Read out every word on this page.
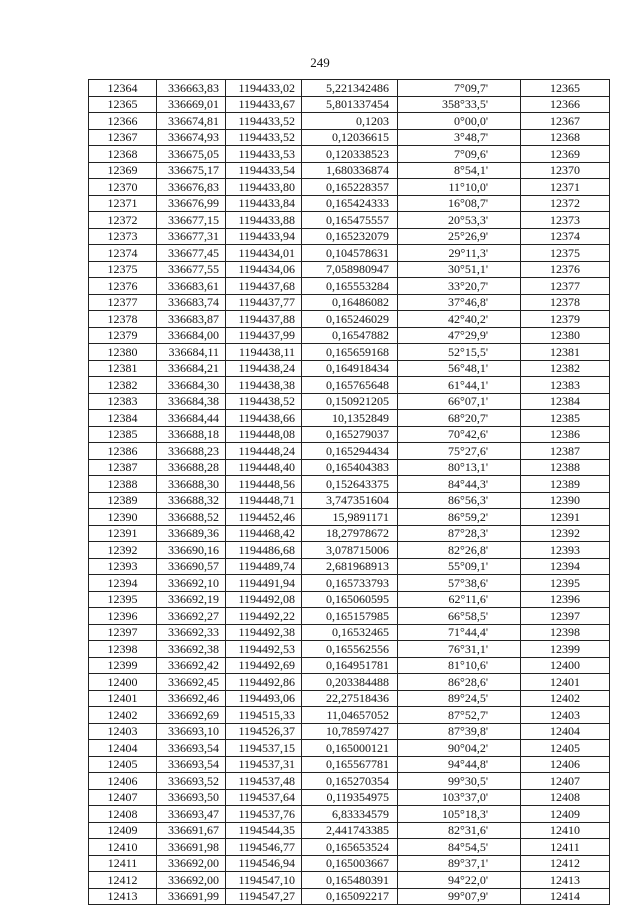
249
12364	336663,83	1194433,02	5,221342486	7°09,7'	12365
12365	336669,01	1194433,67	5,801337454	358°33,5'	12366
12366	336674,81	1194433,52	0,1203	0°00,0'	12367
12367	336674,93	1194433,52	0,12036615	3°48,7'	12368
12368	336675,05	1194433,53	0,120338523	7°09,6'	12369
12369	336675,17	1194433,54	1,680336874	8°54,1'	12370
12370	336676,83	1194433,80	0,165228357	11°10,0'	12371
12371	336676,99	1194433,84	0,165424333	16°08,7'	12372
12372	336677,15	1194433,88	0,165475557	20°53,3'	12373
12373	336677,31	1194433,94	0,165232079	25°26,9'	12374
12374	336677,45	1194434,01	0,104578631	29°11,3'	12375
12375	336677,55	1194434,06	7,058980947	30°51,1'	12376
12376	336683,61	1194437,68	0,165553284	33°20,7'	12377
12377	336683,74	1194437,77	0,16486082	37°46,8'	12378
12378	336683,87	1194437,88	0,165246029	42°40,2'	12379
12379	336684,00	1194437,99	0,16547882	47°29,9'	12380
12380	336684,11	1194438,11	0,165659168	52°15,5'	12381
12381	336684,21	1194438,24	0,164918434	56°48,1'	12382
12382	336684,30	1194438,38	0,165765648	61°44,1'	12383
12383	336684,38	1194438,52	0,150921205	66°07,1'	12384
12384	336684,44	1194438,66	10,1352849	68°20,7'	12385
12385	336688,18	1194448,08	0,165279037	70°42,6'	12386
12386	336688,23	1194448,24	0,165294434	75°27,6'	12387
12387	336688,28	1194448,40	0,165404383	80°13,1'	12388
12388	336688,30	1194448,56	0,152643375	84°44,3'	12389
12389	336688,32	1194448,71	3,747351604	86°56,3'	12390
12390	336688,52	1194452,46	15,9891171	86°59,2'	12391
12391	336689,36	1194468,42	18,27978672	87°28,3'	12392
12392	336690,16	1194486,68	3,078715006	82°26,8'	12393
12393	336690,57	1194489,74	2,681968913	55°09,1'	12394
12394	336692,10	1194491,94	0,165733793	57°38,6'	12395
12395	336692,19	1194492,08	0,165060595	62°11,6'	12396
12396	336692,27	1194492,22	0,165157985	66°58,5'	12397
12397	336692,33	1194492,38	0,16532465	71°44,4'	12398
12398	336692,38	1194492,53	0,165562556	76°31,1'	12399
12399	336692,42	1194492,69	0,164951781	81°10,6'	12400
12400	336692,45	1194492,86	0,203384488	86°28,6'	12401
12401	336692,46	1194493,06	22,27518436	89°24,5'	12402
12402	336692,69	1194515,33	11,04657052	87°52,7'	12403
12403	336693,10	1194526,37	10,78597427	87°39,8'	12404
12404	336693,54	1194537,15	0,165000121	90°04,2'	12405
12405	336693,54	1194537,31	0,165567781	94°44,8'	12406
12406	336693,52	1194537,48	0,165270354	99°30,5'	12407
12407	336693,50	1194537,64	0,119354975	103°37,0'	12408
12408	336693,47	1194537,76	6,83334579	105°18,3'	12409
12409	336691,67	1194544,35	2,441743385	82°31,6'	12410
12410	336691,98	1194546,77	0,165653524	84°54,5'	12411
12411	336692,00	1194546,94	0,165003667	89°37,1'	12412
12412	336692,00	1194547,10	0,165480391	94°22,0'	12413
12413	336691,99	1194547,27	0,165092217	99°07,9'	12414
